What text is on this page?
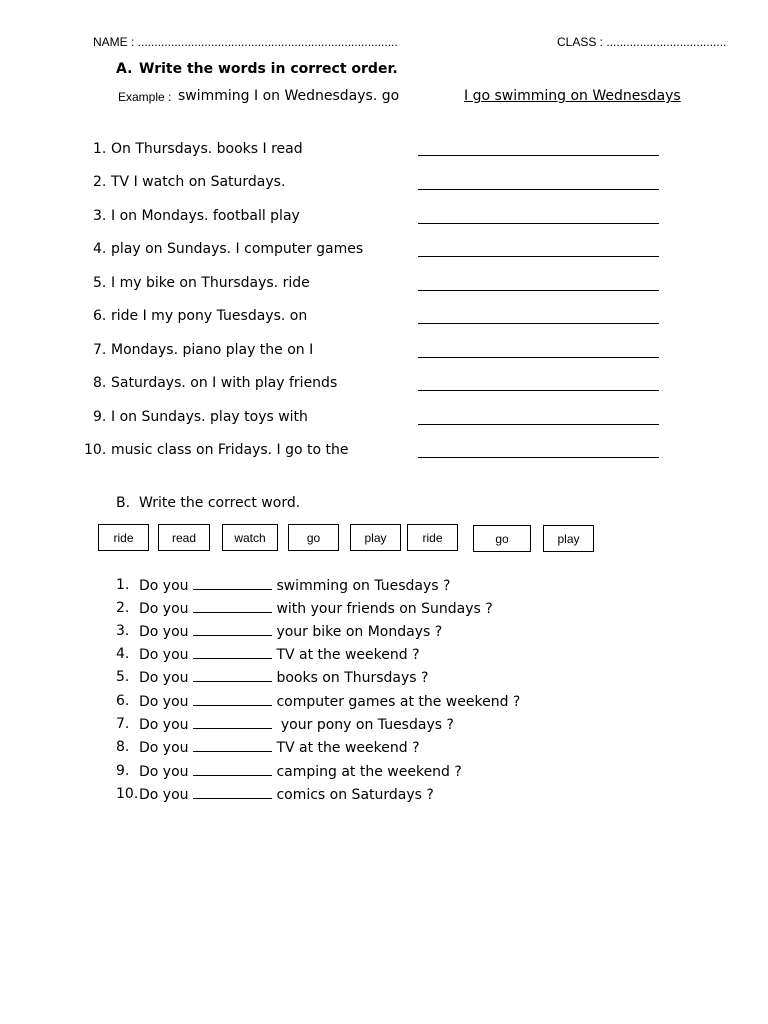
NAME : ..............................................................................	CLASS : ....................................
A. Write the words in correct order.
Example : swimming I on Wednesdays. go	I go swimming on Wednesdays
1. On Thursdays. books I read
2. TV I watch on Saturdays.
3. I on Mondays. football play
4. play on Sundays. I computer games
5. I my bike on Thursdays. ride
6. ride I my pony Tuesdays. on
7. Mondays. piano play the on I
8. Saturdays. on I with play friends
9. I on Sundays. play toys with
10. music class on Fridays. I go to the
B. Write the correct word.
ride	read	watch	go	play	ride	go	play
1. Do you	swimming on Tuesdays ?
2. Do you	with your friends on Sundays ?
3. Do you	your bike on Mondays ?
4. Do you	TV at the weekend ?
5. Do you	books on Thursdays ?
6. Do you	computer games at the weekend ?
7. Do you	your pony on Tuesdays ?
8. Do you	TV at the weekend ?
9. Do you	camping at the weekend ?
10. Do you	comics on Saturdays ?
